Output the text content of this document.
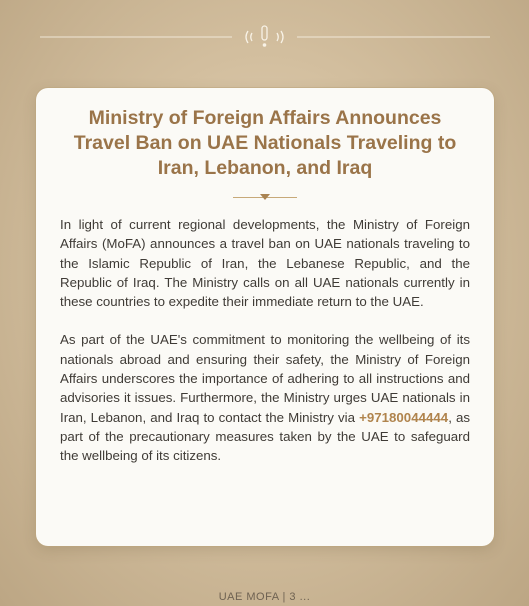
Ministry of Foreign Affairs Announces Travel Ban on UAE Nationals Traveling to Iran, Lebanon, and Iraq

In light of current regional developments, the Ministry of Foreign Affairs (MoFA) announces a travel ban on UAE nationals traveling to the Islamic Republic of Iran, the Lebanese Republic, and the Republic of Iraq. The Ministry calls on all UAE nationals currently in these countries to expedite their immediate return to the UAE.

As part of the UAE's commitment to monitoring the wellbeing of its nationals abroad and ensuring their safety, the Ministry of Foreign Affairs underscores the importance of adhering to all instructions and advisories it issues. Furthermore, the Ministry urges UAE nationals in Iran, Lebanon, and Iraq to contact the Ministry via +97180044444, as part of the precautionary measures taken by the UAE to safeguard the wellbeing of its citizens.

UAE MOFA | 3 ...
